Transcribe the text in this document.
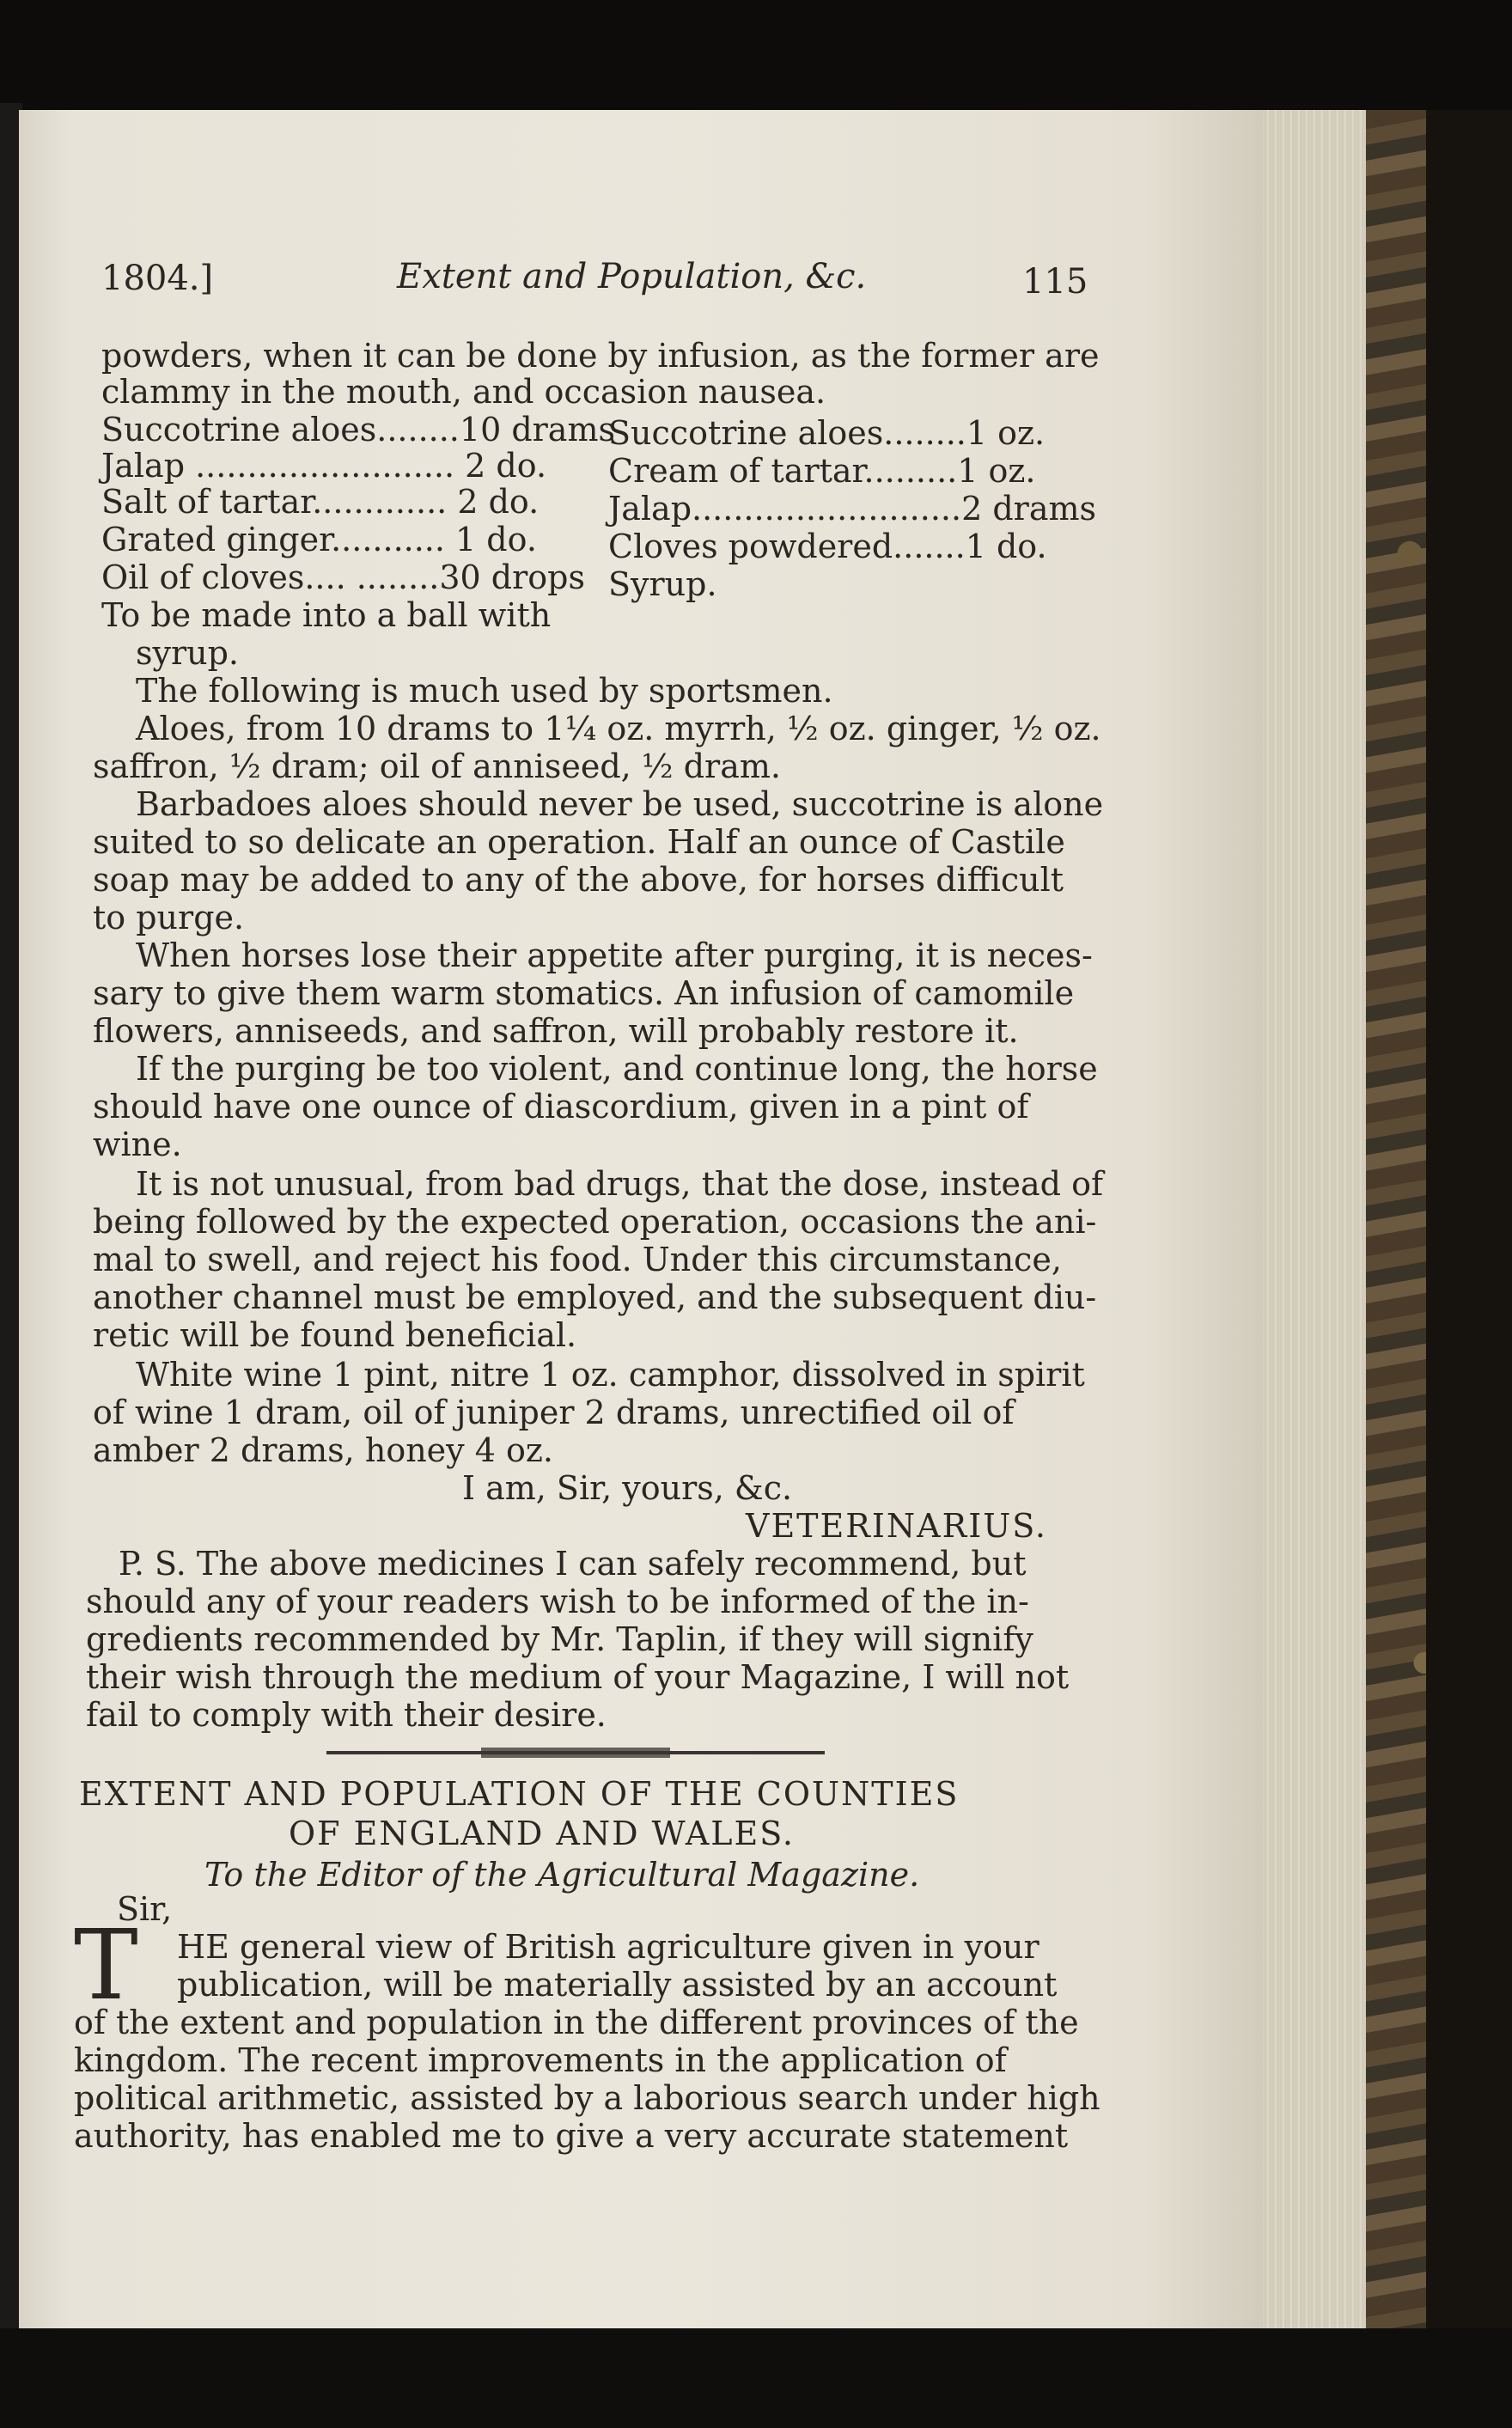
1804.]	Extent and Population, &c.	115
powders, when it can be done by infusion, as the former are
clammy in the mouth, and occasion nausea.
Succotrine aloes........10 drams
Jalap ......................... 2 do.
Salt of tartar............. 2 do.
Grated ginger........... 1 do.
Oil of cloves.... ........30 drops
To be made into a ball with
syrup.
Succotrine aloes........1 oz.
Cream of tartar.........1 oz.
Jalap..........................2 drams
Cloves powdered.......1 do.
Syrup.
The following is much used by sportsmen.
Aloes, from 10 drams to 1¼ oz. myrrh, ½ oz. ginger, ½ oz.
saffron, ½ dram; oil of anniseed, ½ dram.
Barbadoes aloes should never be used, succotrine is alone
suited to so delicate an operation. Half an ounce of Castile
soap may be added to any of the above, for horses difficult
to purge.
When horses lose their appetite after purging, it is neces-
sary to give them warm stomatics. An infusion of camomile
flowers, anniseeds, and saffron, will probably restore it.
If the purging be too violent, and continue long, the horse
should have one ounce of diascordium, given in a pint of
wine.
It is not unusual, from bad drugs, that the dose, instead of
being followed by the expected operation, occasions the ani-
mal to swell, and reject his food. Under this circumstance,
another channel must be employed, and the subsequent diu-
retic will be found beneficial.
White wine 1 pint, nitre 1 oz. camphor, dissolved in spirit
of wine 1 dram, oil of juniper 2 drams, unrectified oil of
amber 2 drams, honey 4 oz.
I am, Sir, yours, &c.
VETERINARIUS.
P. S. The above medicines I can safely recommend, but
should any of your readers wish to be informed of the in-
gredients recommended by Mr. Taplin, if they will signify
their wish through the medium of your Magazine, I will not
fail to comply with their desire.
EXTENT AND POPULATION OF THE COUNTIES
OF ENGLAND AND WALES.
To the Editor of the Agricultural Magazine.
Sir,
T HE general view of British agriculture given in your
publication, will be materially assisted by an account
of the extent and population in the different provinces of the
kingdom. The recent improvements in the application of
political arithmetic, assisted by a laborious search under high
authority, has enabled me to give a very accurate statement
